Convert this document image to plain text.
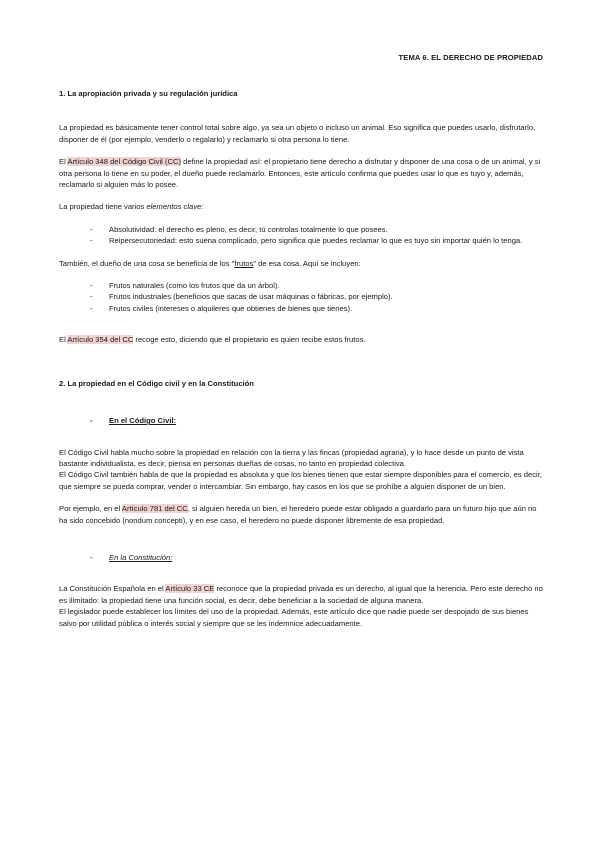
TEMA 6. EL DERECHO DE PROPIEDAD

1. La apropiación privada y su regulación jurídica

La propiedad es básicamente tener control total sobre algo, ya sea un objeto o incluso un animal. Eso significa que puedes usarlo, disfrutarlo, disponer de él (por ejemplo, venderlo o regalarlo) y reclamarlo si otra persona lo tiene.

El Artículo 348 del Código Civil (CC) define la propiedad así: el propietario tiene derecho a disfrutar y disponer de una cosa o de un animal, y si otra persona lo tiene en su poder, el dueño puede reclamarlo. Entonces, este artículo confirma que puedes usar lo que es tuyo y, además, reclamarlo si alguien más lo posee.

La propiedad tiene varios elementos clave:

- Absolutividad: el derecho es pleno, es decir, tú controlas totalmente lo que posees.
- Reipersecutoriedad: esto suena complicado, pero significa que puedes reclamar lo que es tuyo sin importar quién lo tenga.

También, el dueño de una cosa se beneficia de los "frutos" de esa cosa. Aquí se incluyen:

- Frutos naturales (como los frutos que da un árbol).
- Frutos industriales (beneficios que sacas de usar máquinas o fábricas, por ejemplo).
- Frutos civiles (intereses o alquileres que obtienes de bienes que tienes).

El Artículo 354 del CC recoge esto, diciendo que el propietario es quien recibe estos frutos.

2. La propiedad en el Código civil y en la Constitución

- En el Código Civil:

El Código Civil habla mucho sobre la propiedad en relación con la tierra y las fincas (propiedad agraria), y lo hace desde un punto de vista bastante individualista, es decir, piensa en personas dueñas de cosas, no tanto en propiedad colectiva.

El Código Civil también habla de que la propiedad es absoluta y que los bienes tienen que estar siempre disponibles para el comercio, es decir, que siempre se pueda comprar, vender o intercambiar. Sin embargo, hay casos en los que se prohíbe a alguien disponer de un bien.

Por ejemplo, en el Artículo 781 del CC, si alguien hereda un bien, el heredero puede estar obligado a guardarlo para un futuro hijo que aún no ha sido concebido (nondum concepti), y en ese caso, el heredero no puede disponer libremente de esa propiedad.

- En la Constitución:

La Constitución Española en el Artículo 33 CE reconoce que la propiedad privada es un derecho, al igual que la herencia. Pero este derecho no es ilimitado: la propiedad tiene una función social, es decir, debe beneficiar a la sociedad de alguna manera.

El legislador puede establecer los límites del uso de la propiedad. Además, este artículo dice que nadie puede ser despojado de sus bienes salvo por utilidad pública o interés social y siempre que se les indemnice adecuadamente.
